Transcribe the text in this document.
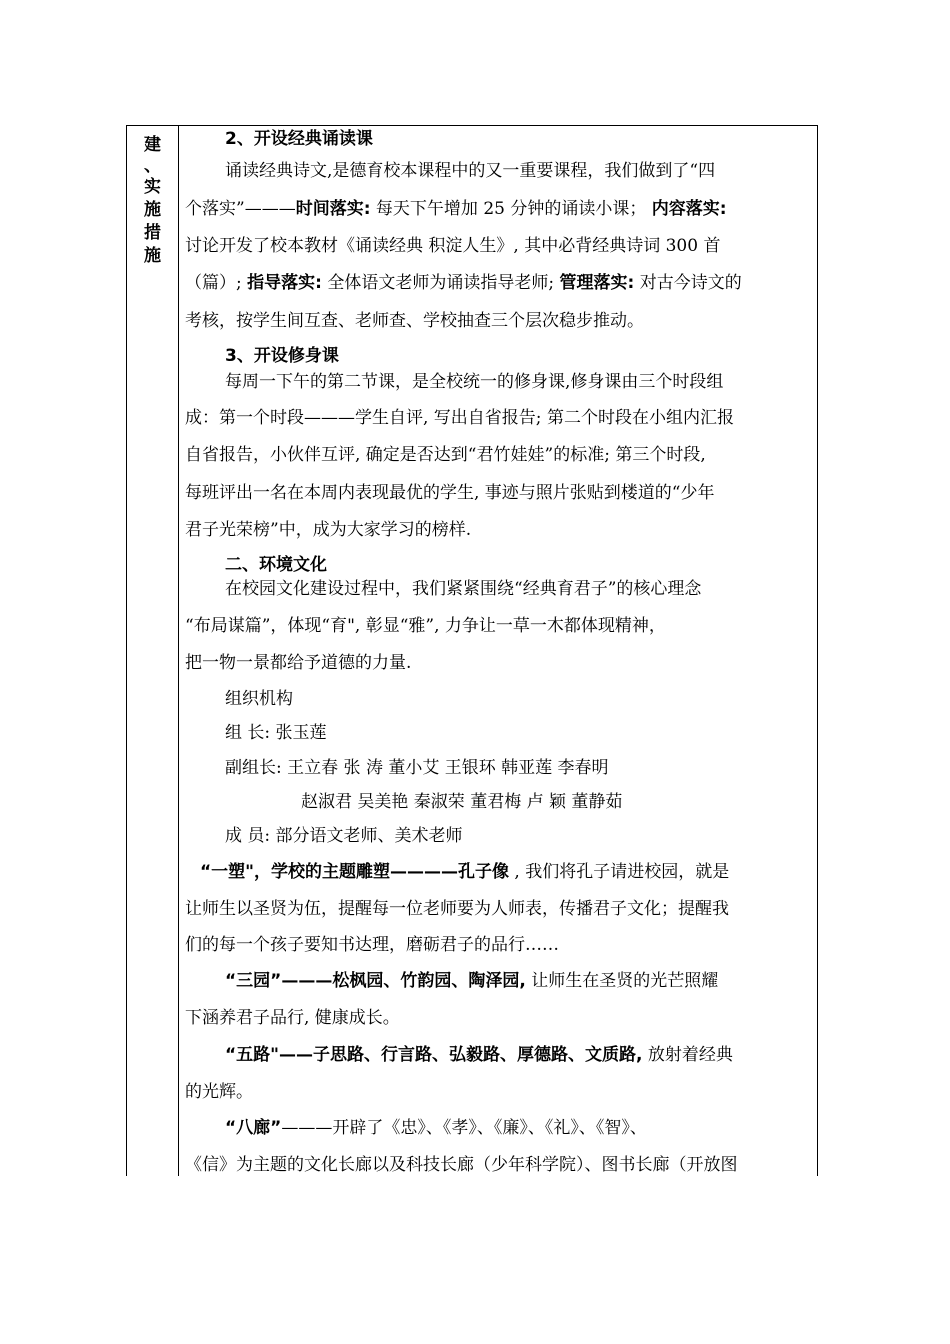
建
、
实
施
措
施
2、开设经典诵读课
诵读经典诗文,是德育校本课程中的又一重要课程，我们做到了“四
个落实”———时间落实: 每天下午增加 25 分钟的诵读小课； 内容落实:
讨论开发了校本教材《诵读经典 积淀人生》, 其中必背经典诗词 300 首
（篇）; 指导落实: 全体语文老师为诵读指导老师; 管理落实: 对古今诗文的
考核，按学生间互查、老师查、学校抽查三个层次稳步推动。
3、开设修身课
每周一下午的第二节课，是全校统一的修身课,修身课由三个时段组
成：第一个时段———学生自评, 写出自省报告; 第二个时段在小组内汇报
自省报告，小伙伴互评, 确定是否达到“君竹娃娃”的标准; 第三个时段,
每班评出一名在本周内表现最优的学生, 事迹与照片张贴到楼道的“少年
君子光荣榜”中，成为大家学习的榜样.
二、环境文化
在校园文化建设过程中，我们紧紧围绕“经典育君子”的核心理念
“布局谋篇”，体现“育", 彰显“雅”, 力争让一草一木都体现精神，
把一物一景都给予道德的力量.
组织机构
组 长: 张玉莲
副组长: 王立春 张 涛 董小艾 王银环 韩亚莲 李春明
赵淑君 吴美艳 秦淑荣 董君梅 卢 颖 董静茹
成 员: 部分语文老师、美术老师
“一塑"，学校的主题雕塑————孔子像 , 我们将孔子请进校园，就是
让师生以圣贤为伍，提醒每一位老师要为人师表，传播君子文化；提醒我
们的每一个孩子要知书达理，磨砺君子的品行……
“三园”———松枫园、竹韵园、陶泽园, 让师生在圣贤的光芒照耀
下涵养君子品行, 健康成长。
“五路"——子思路、行言路、弘毅路、厚德路、文质路, 放射着经典
的光辉。
“八廊”———开辟了《忠》、《孝》、《廉》、《礼》、《智》、
《信》为主题的文化长廊以及科技长廊（少年科学院）、图书长廊（开放图
